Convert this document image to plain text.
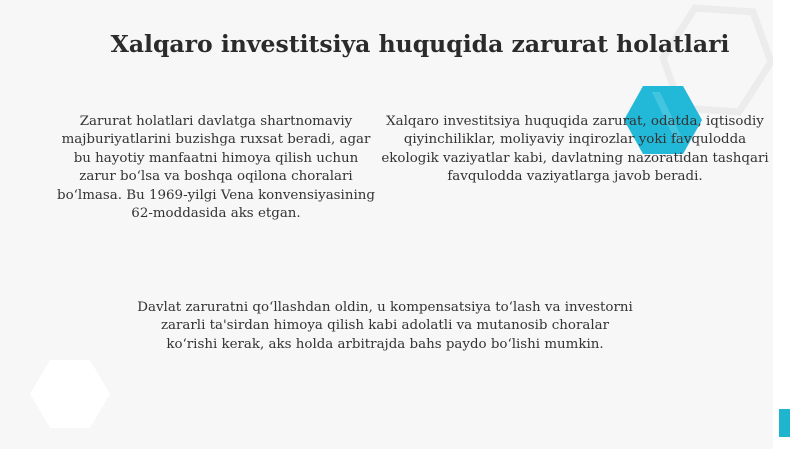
Xalqaro investitsiya huquqida zarurat holatlari

Zarurat holatlari davlatga shartnomaviy majburiyatlarini buzishga ruxsat beradi, agar bu hayotiy manfaatni himoya qilish uchun zarur bo‘lsa va boshqa oqilona choralari bo‘lmasa. Bu 1969-yilgi Vena konvensiyasining 62-moddasida aks etgan.

Xalqaro investitsiya huquqida zarurat, odatda, iqtisodiy qiyinchiliklar, moliyaviy inqirozlar yoki favqulodda ekologik vaziyatlar kabi, davlatning nazoratidan tashqari favqulodda vaziyatlarga javob beradi.

Davlat zaruratni qo‘llashdan oldin, u kompensatsiya to‘lash va investorni zararli ta'sirdan himoya qilish kabi adolatli va mutanosib choralar ko‘rishi kerak, aks holda arbitrajda bahs paydo bo‘lishi mumkin.
